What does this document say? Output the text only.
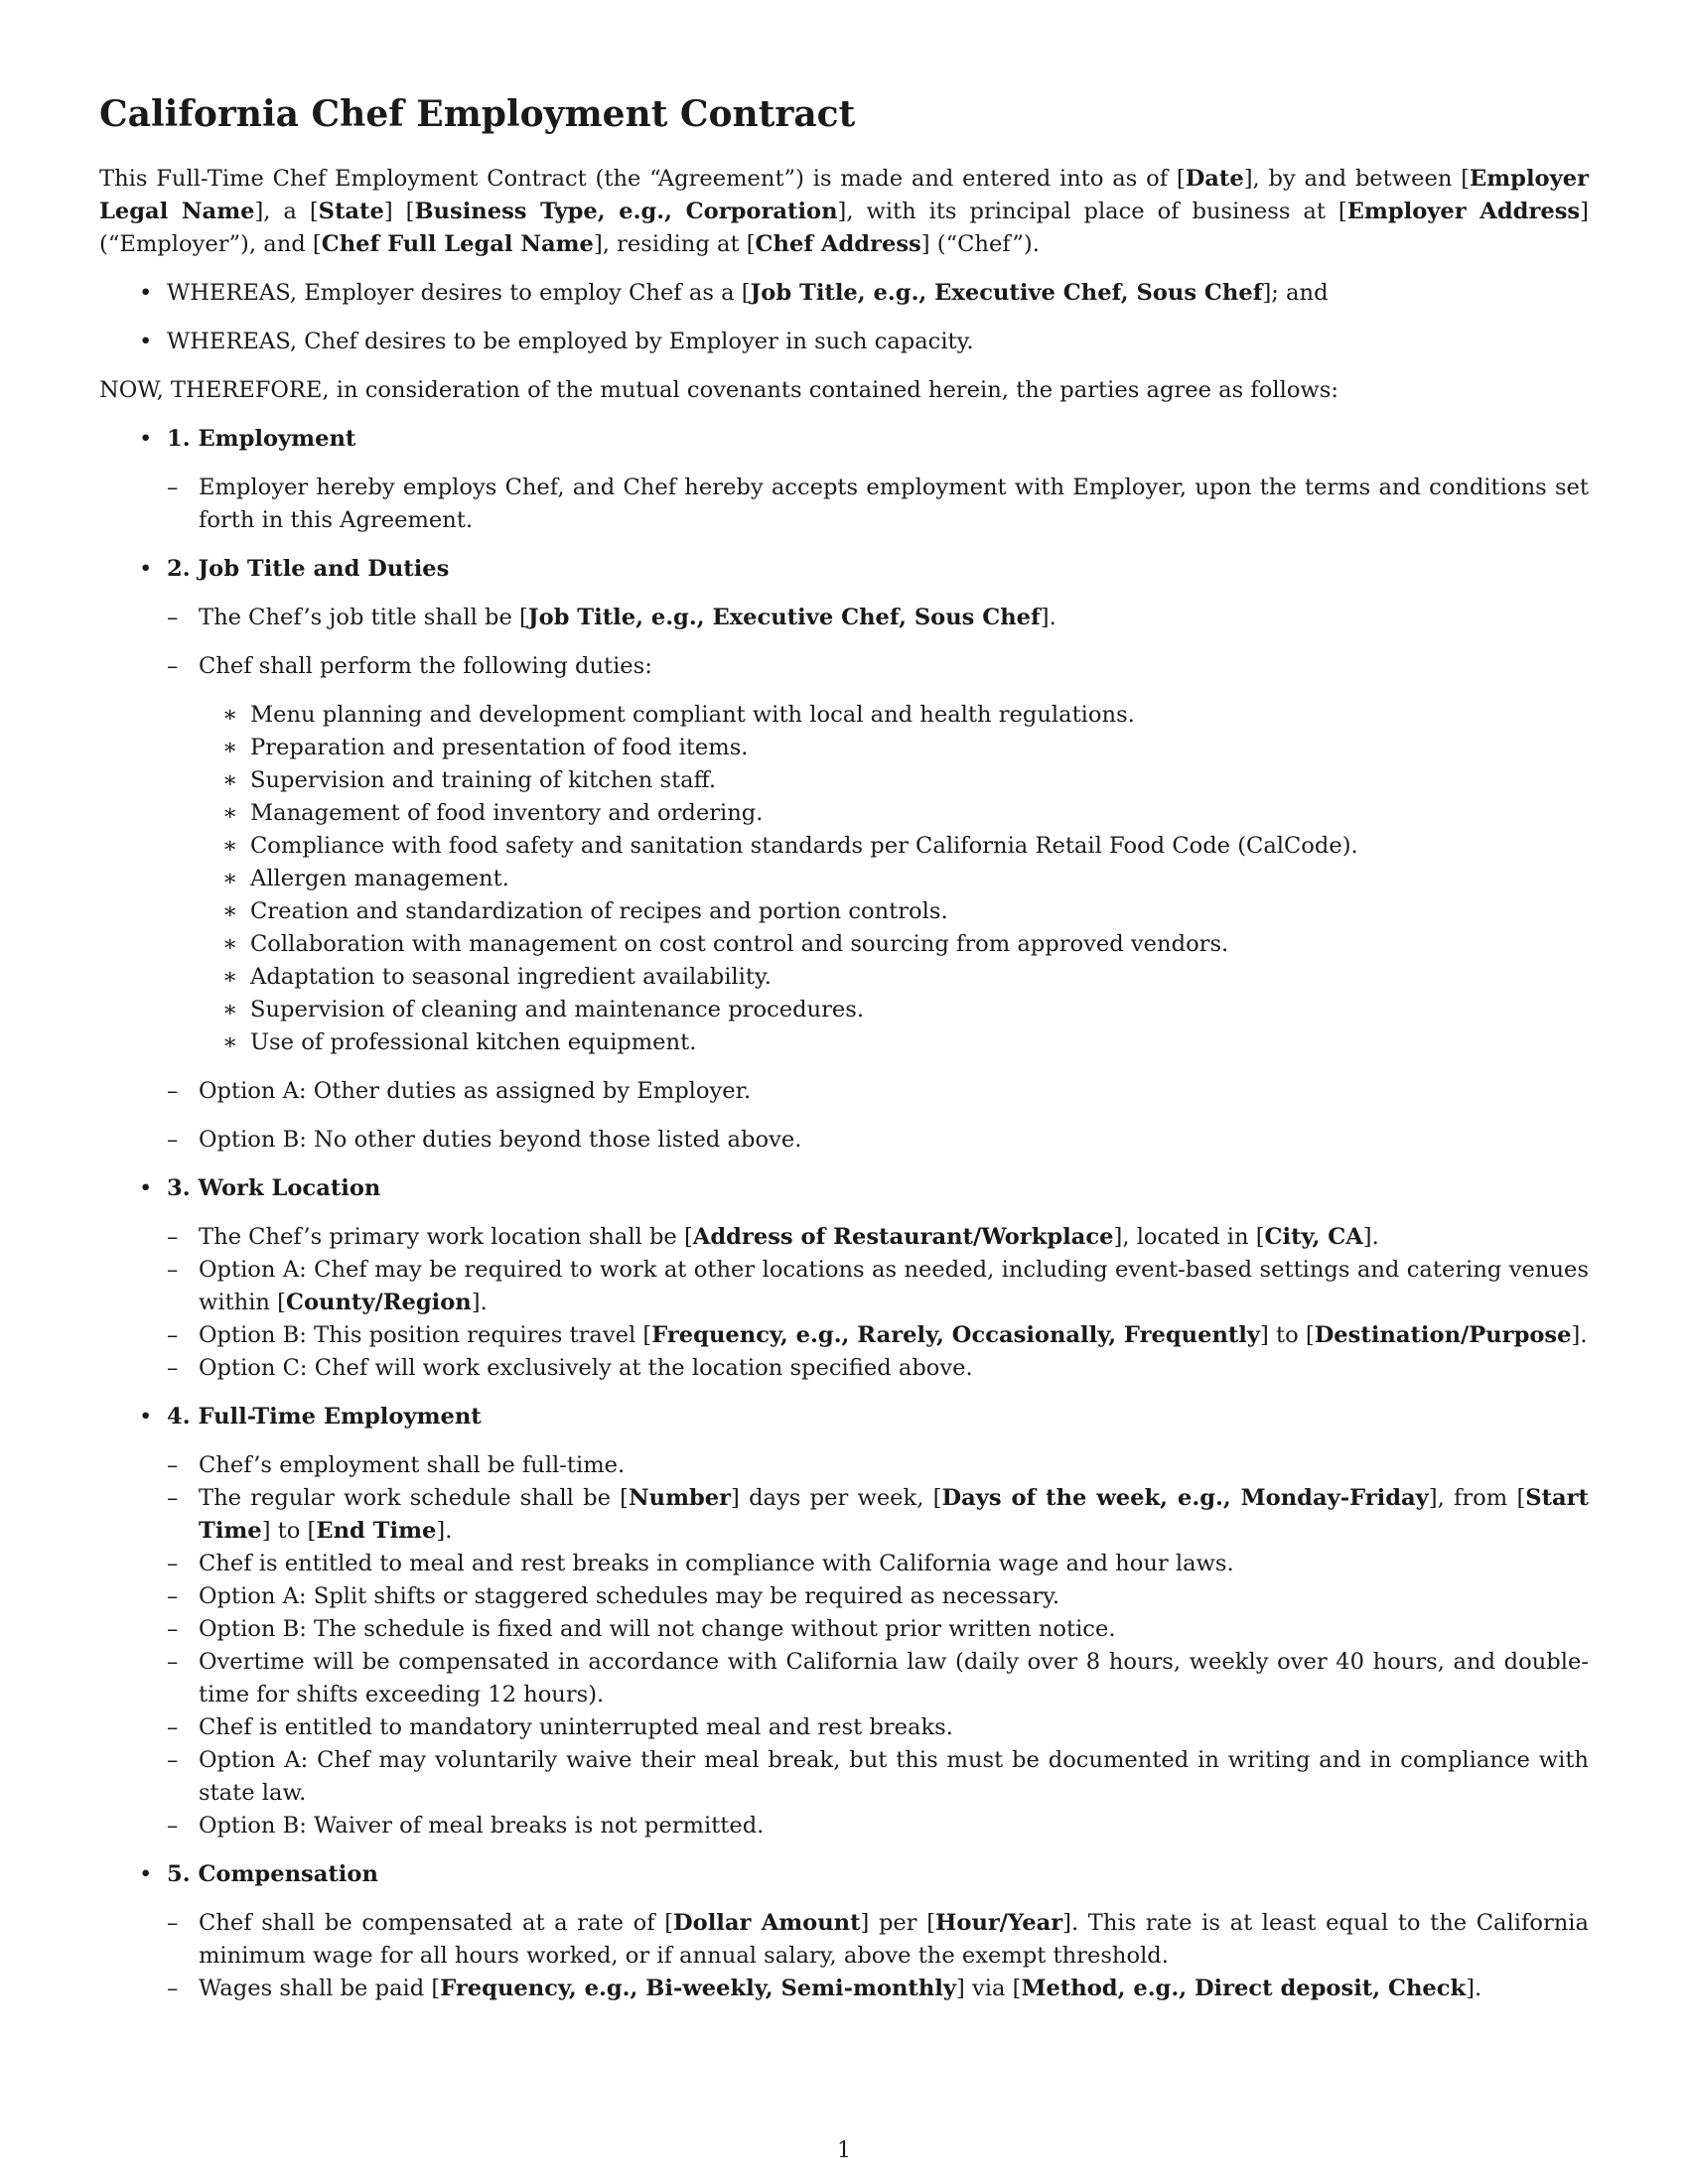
California Chef Employment Contract

This Full-Time Chef Employment Contract (the “Agreement”) is made and entered into as of [Date], by and between [Employer Legal Name], a [State] [Business Type, e.g., Corporation], with its principal place of business at [Employer Address] (“Employer”), and [Chef Full Legal Name], residing at [Chef Address] (“Chef”).

• WHEREAS, Employer desires to employ Chef as a [Job Title, e.g., Executive Chef, Sous Chef]; and
• WHEREAS, Chef desires to be employed by Employer in such capacity.

NOW, THEREFORE, in consideration of the mutual covenants contained herein, the parties agree as follows:

• 1. Employment
– Employer hereby employs Chef, and Chef hereby accepts employment with Employer, upon the terms and conditions set forth in this Agreement.
• 2. Job Title and Duties
– The Chef’s job title shall be [Job Title, e.g., Executive Chef, Sous Chef].
– Chef shall perform the following duties:
∗ Menu planning and development compliant with local and health regulations.
∗ Preparation and presentation of food items.
∗ Supervision and training of kitchen staff.
∗ Management of food inventory and ordering.
∗ Compliance with food safety and sanitation standards per California Retail Food Code (CalCode).
∗ Allergen management.
∗ Creation and standardization of recipes and portion controls.
∗ Collaboration with management on cost control and sourcing from approved vendors.
∗ Adaptation to seasonal ingredient availability.
∗ Supervision of cleaning and maintenance procedures.
∗ Use of professional kitchen equipment.
– Option A: Other duties as assigned by Employer.
– Option B: No other duties beyond those listed above.
• 3. Work Location
– The Chef’s primary work location shall be [Address of Restaurant/Workplace], located in [City, CA].
– Option A: Chef may be required to work at other locations as needed, including event-based settings and catering venues within [County/Region].
– Option B: This position requires travel [Frequency, e.g., Rarely, Occasionally, Frequently] to [Destination/Purpose].
– Option C: Chef will work exclusively at the location specified above.
• 4. Full-Time Employment
– Chef’s employment shall be full-time.
– The regular work schedule shall be [Number] days per week, [Days of the week, e.g., Monday-Friday], from [Start Time] to [End Time].
– Chef is entitled to meal and rest breaks in compliance with California wage and hour laws.
– Option A: Split shifts or staggered schedules may be required as necessary.
– Option B: The schedule is fixed and will not change without prior written notice.
– Overtime will be compensated in accordance with California law (daily over 8 hours, weekly over 40 hours, and double-time for shifts exceeding 12 hours).
– Chef is entitled to mandatory uninterrupted meal and rest breaks.
– Option A: Chef may voluntarily waive their meal break, but this must be documented in writing and in compliance with state law.
– Option B: Waiver of meal breaks is not permitted.
• 5. Compensation
– Chef shall be compensated at a rate of [Dollar Amount] per [Hour/Year]. This rate is at least equal to the California minimum wage for all hours worked, or if annual salary, above the exempt threshold.
– Wages shall be paid [Frequency, e.g., Bi-weekly, Semi-monthly] via [Method, e.g., Direct deposit, Check].
1
